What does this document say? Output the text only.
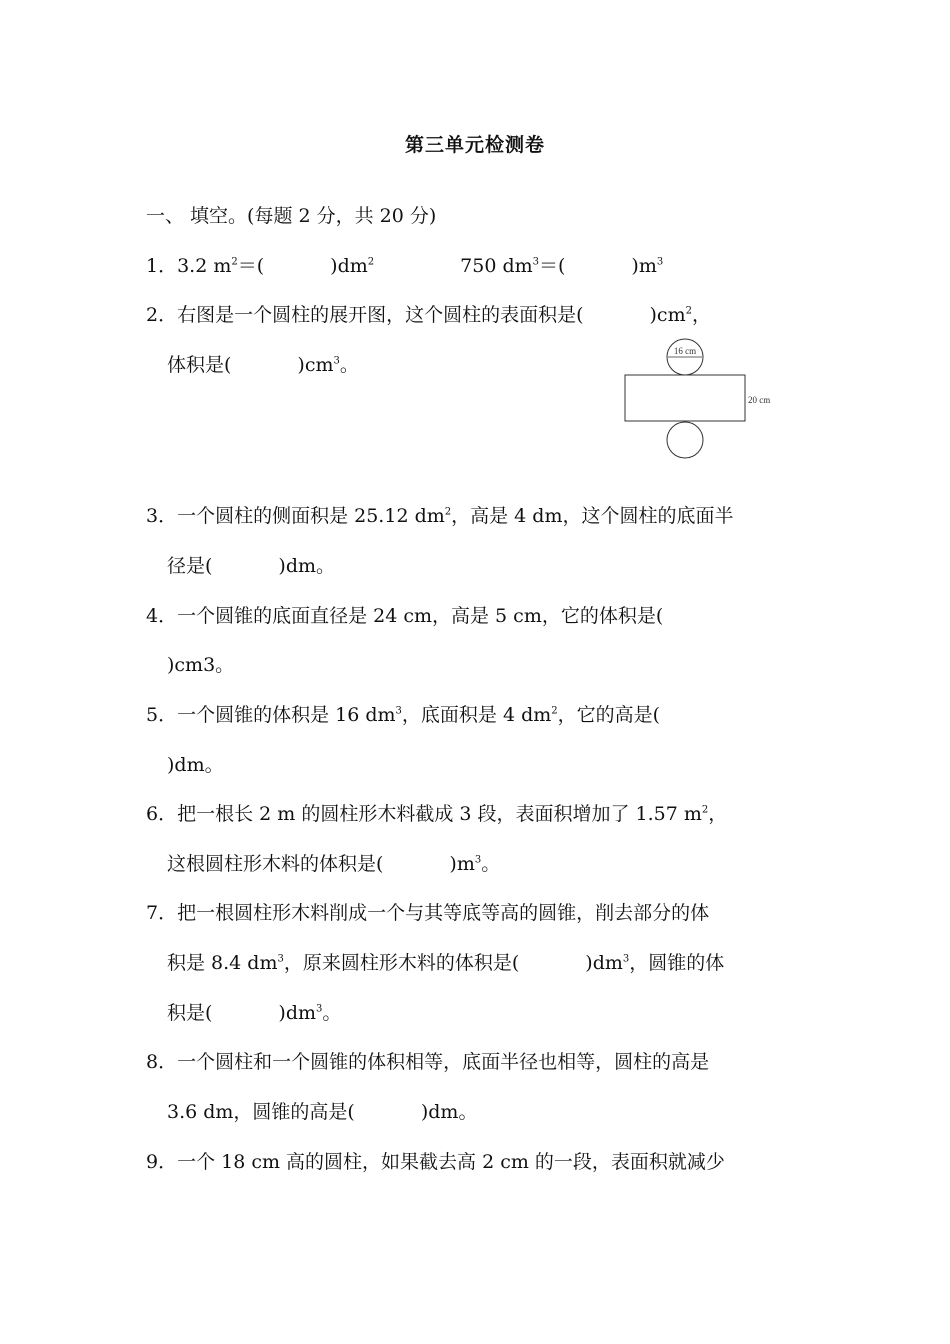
第三单元检测卷
一、 填空。(每题 2 分，共 20 分)
1．3.2 $m^2=$(	)$dm^2$	750 $dm^3=$(	)$m^3$
2．右图是一个圆柱的展开图，这个圆柱的表面积是(	)$cm^2$，
体积是(	)$cm^3$。
16 cm
20 cm
3．一个圆柱的侧面积是 25.12 $dm^2$，高是 4 dm，这个圆柱的底面半
径是(	)dm。
4．一个圆锥的底面直径是 24 cm，高是 5 cm，它的体积是(
)cm3。
5．一个圆锥的体积是 16 $dm^3$，底面积是 4 $dm^2$，它的高是(
)dm。
6．把一根长 2 m 的圆柱形木料截成 3 段，表面积增加了 1.57 $m^2$，
这根圆柱形木料的体积是(	)$m^3$。
7．把一根圆柱形木料削成一个与其等底等高的圆锥，削去部分的体
积是 8.4 $dm^3$，原来圆柱形木料的体积是(	)$dm^3$，圆锥的体
积是(	)$dm^3$。
8．一个圆柱和一个圆锥的体积相等，底面半径也相等，圆柱的高是
3.6 dm，圆锥的高是(	)dm。
9．一个 18 cm 高的圆柱，如果截去高 2 cm 的一段，表面积就减少
